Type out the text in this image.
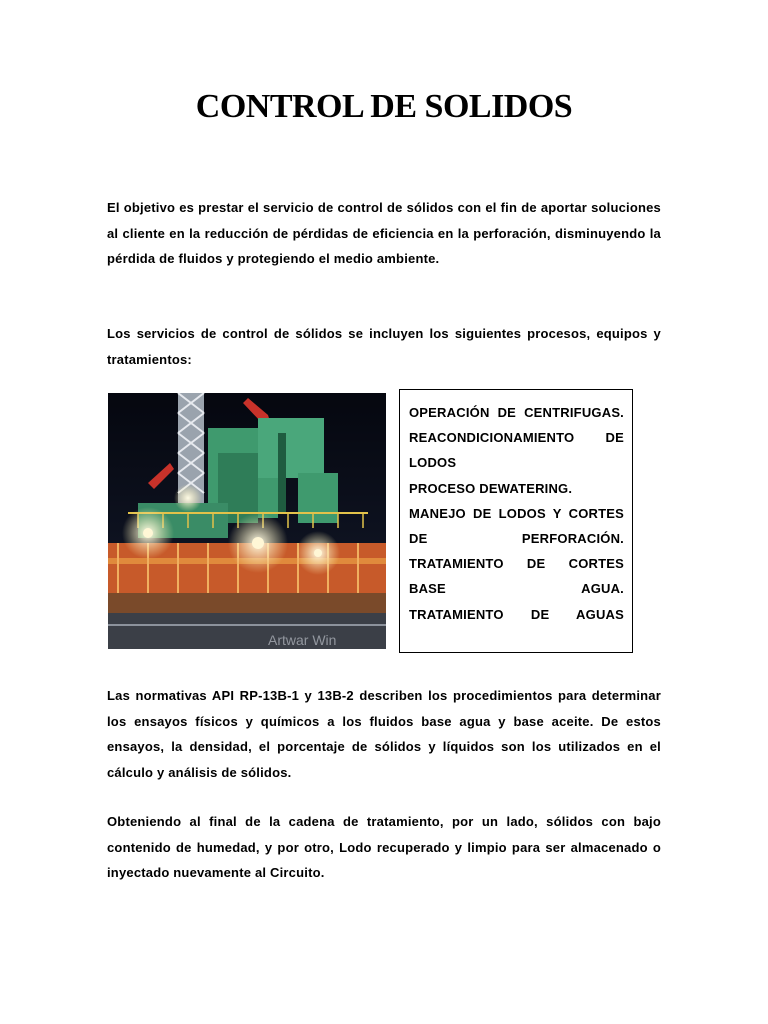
CONTROL DE SOLIDOS

El objetivo es prestar el servicio de control de sólidos con el fin de aportar soluciones al cliente en la reducción de pérdidas de eficiencia en la perforación, disminuyendo la pérdida de fluidos y protegiendo el medio ambiente.

Los servicios de control de sólidos se incluyen los siguientes procesos, equipos y tratamientos:

Artwar Win
OPERACIÓN DE CENTRIFUGAS.
REACONDICIONAMIENTO DE LODOS
PROCESO DEWATERING.
MANEJO DE LODOS Y CORTES DE PERFORACIÓN.
TRATAMIENTO DE CORTES BASE AGUA.
TRATAMIENTO DE AGUAS

Las normativas API RP-13B-1 y 13B-2 describen los procedimientos para determinar los ensayos físicos y químicos a los fluidos base agua y base aceite. De estos ensayos, la densidad, el porcentaje de sólidos y líquidos son los utilizados en el cálculo y análisis de sólidos.

Obteniendo al final de la cadena de tratamiento, por un lado, sólidos con bajo contenido de humedad, y por otro, Lodo recuperado y limpio para ser almacenado o inyectado nuevamente al Circuito.
